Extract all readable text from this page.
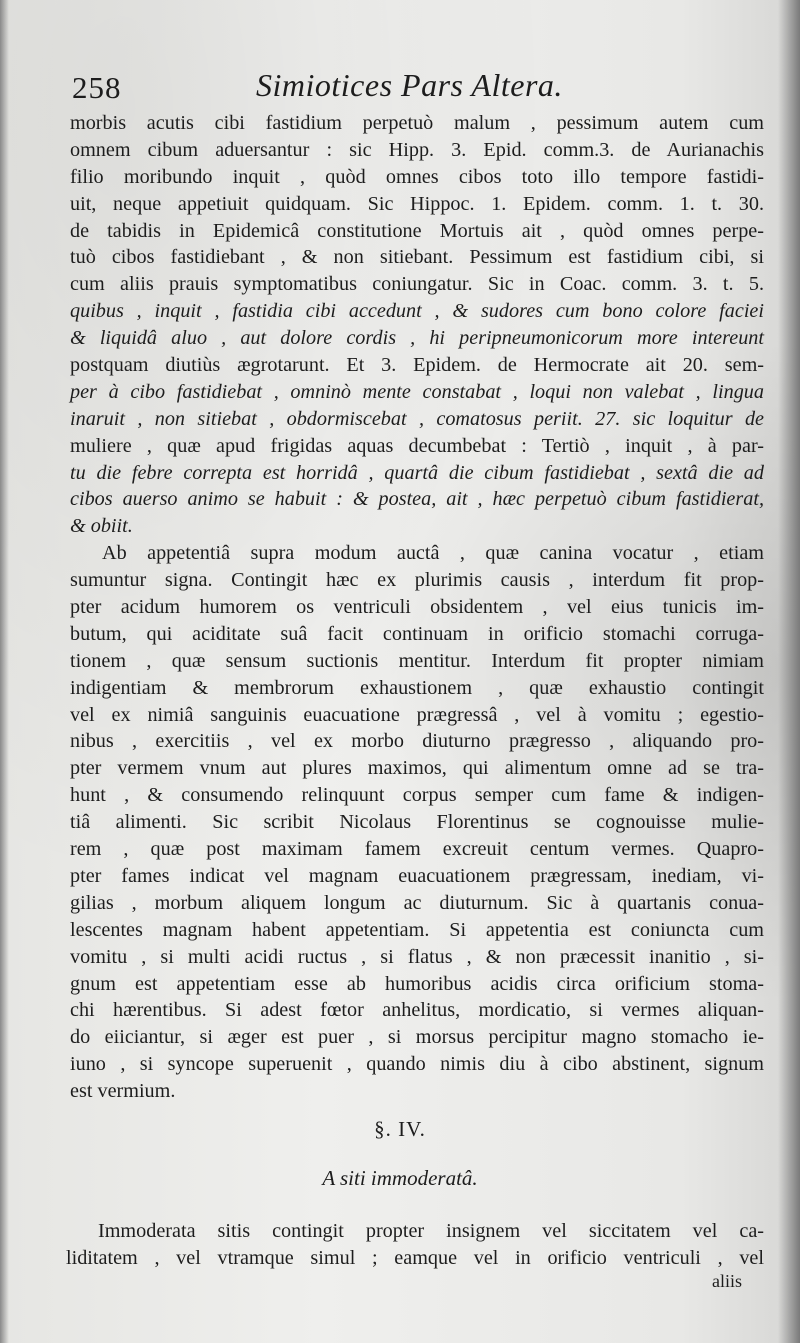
258	Simiotices Pars Altera.
morbis acutis cibi fastidium perpetuò malum , pessimum autem cum
omnem cibum aduersantur : sic Hipp. 3. Epid. comm.3. de Aurianachis
filio moribundo inquit , quòd omnes cibos toto illo tempore fastidi-
uit, neque appetiuit quidquam. Sic Hippoc. 1. Epidem. comm. 1. t. 30.
de tabidis in Epidemicâ constitutione Mortuis ait , quòd omnes perpe-
tuò cibos fastidiebant , & non sitiebant. Pessimum est fastidium cibi, si
cum aliis prauis symptomatibus coniungatur. Sic in Coac. comm. 3. t. 5.
quibus , inquit , fastidia cibi accedunt , & sudores cum bono colore faciei
& liquidâ aluo , aut dolore cordis , hi peripneumonicorum more intereunt
postquam diutiùs ægrotarunt. Et 3. Epidem. de Hermocrate ait 20. sem-
per à cibo fastidiebat , omninò mente constabat , loqui non valebat , lingua
inaruit , non sitiebat , obdormiscebat , comatosus periit. 27. sic loquitur de
muliere , quæ apud frigidas aquas decumbebat : Tertiò , inquit , à par-
tu die febre correpta est horridâ , quartâ die cibum fastidiebat , sextâ die ad
cibos auerso animo se habuit : & postea, ait , hæc perpetuò cibum fastidierat,
& obiit.
Ab appetentiâ supra modum auctâ , quæ canina vocatur , etiam
sumuntur signa. Contingit hæc ex plurimis causis , interdum fit prop-
pter acidum humorem os ventriculi obsidentem , vel eius tunicis im-
butum, qui aciditate suâ facit continuam in orificio stomachi corruga-
tionem , quæ sensum suctionis mentitur. Interdum fit propter nimiam
indigentiam & membrorum exhaustionem , quæ exhaustio contingit
vel ex nimiâ sanguinis euacuatione prægressâ , vel à vomitu ; egestio-
nibus , exercitiis , vel ex morbo diuturno prægresso , aliquando pro-
pter vermem vnum aut plures maximos, qui alimentum omne ad se tra-
hunt , & consumendo relinquunt corpus semper cum fame & indigen-
tiâ alimenti. Sic scribit Nicolaus Florentinus se cognouisse mulie-
rem , quæ post maximam famem excreuit centum vermes. Quapro-
pter fames indicat vel magnam euacuationem prægressam, inediam, vi-
gilias , morbum aliquem longum ac diuturnum. Sic à quartanis conua-
lescentes magnam habent appetentiam. Si appetentia est coniuncta cum
vomitu , si multi acidi ructus , si flatus , & non præcessit inanitio , si-
gnum est appetentiam esse ab humoribus acidis circa orificium stoma-
chi hærentibus. Si adest fœtor anhelitus, mordicatio, si vermes aliquan-
do eiiciantur, si æger est puer , si morsus percipitur magno stomacho ie-
iuno , si syncope superuenit , quando nimis diu à cibo abstinent, signum
est vermium.
§. IV.
A siti immoderatâ.
Immoderata sitis contingit propter insignem vel siccitatem vel ca-
liditatem , vel vtramque simul ; eamque vel in orificio ventriculi , vel
aliis
